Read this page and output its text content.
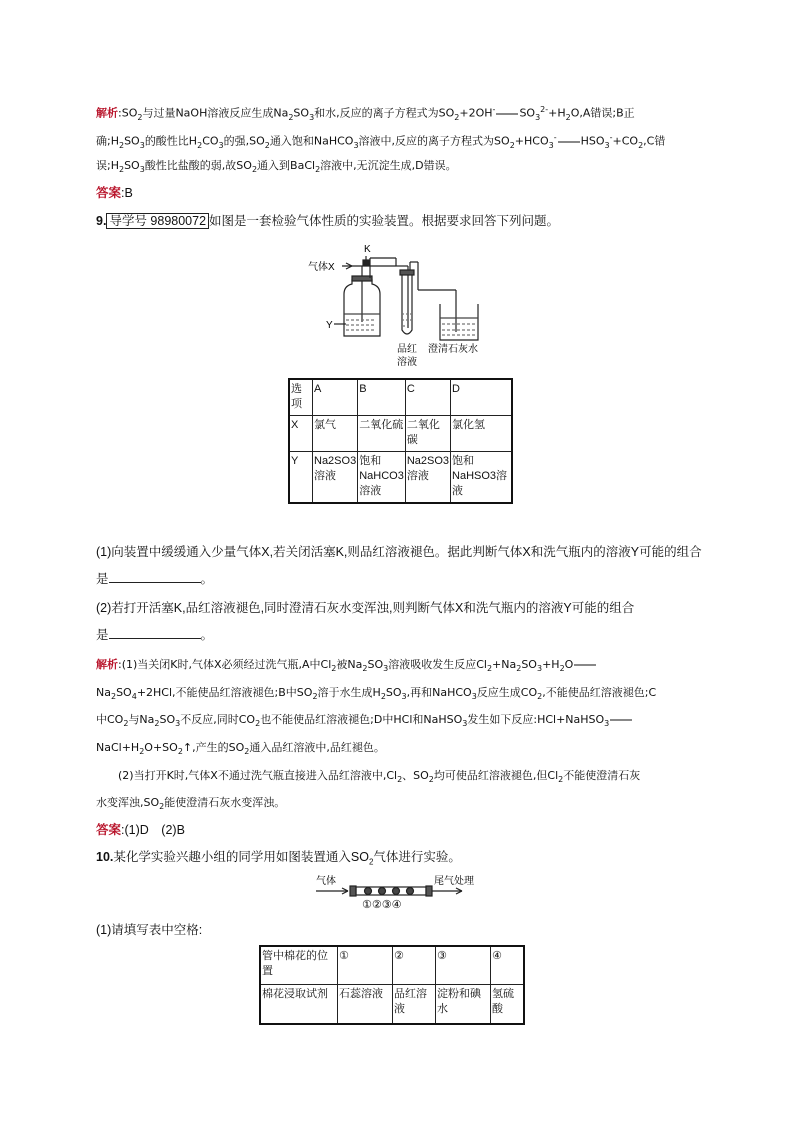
解析$:SO_2$与过量NaOH溶液反应生成$Na_2SO_3$和水,反应的离子方程式为$SO_2+2OH^-$ $SO_3^{2-}+H_2O,A$错误;B正
确$;H_2SO_3$的酸性比$H_2CO_3$的强$,SO_2$通入饱和NaHCO$_3$溶液中,反应的离子方程式为$SO_2+HCO_3^-$ $HSO_3^-+CO_2,C$错
误$;H_2SO_3$酸性比盐酸的弱,故$SO_2$通入到BaCl$_2$溶液中,无沉淀生成,D错误。
答案:B
9. 导学号 98980072 如图是一套检验气体性质的实验装置。根据要求回答下列问题。
K
气体X
Y
品红
溶液
澄清石灰水
选项	A	B	C	D
X	氯气	二氧化硫	二氧化碳	氯化氢
Y	Na2SO3溶液	饱和NaHCO3溶液	Na2SO3溶液	饱和NaHSO3溶液
(1)向装置中缓缓通入少量气体X,若关闭活塞K,则品红溶液褪色。据此判断气体X和洗气瓶内的溶液Y可能的组合
是	。
(2)若打开活塞K,品红溶液褪色,同时澄清石灰水变浑浊,则判断气体X和洗气瓶内的溶液Y可能的组合
是	。
解析:(1)当关闭K时,气体X必须经过洗气瓶,A中$Cl_2$被$Na_2SO_3$溶液吸收发生反应$Cl_2+Na_2SO_3+H_2O$
$Na_2SO_4+2HCl$,不能使品红溶液褪色;B中$SO_2$溶于水生成$H_2SO_3$,再和NaHCO$_3$反应生成$CO_2$,不能使品红溶液褪色;C
中$CO_2$与$Na_2SO_3$不反应,同时$CO_2$也不能使品红溶液褪色;D中HCl和NaHSO$_3$发生如下反应:HCl+NaHSO$_3$
$NaCl+H_2O+SO_2↑$,产生的$SO_2$通入品红溶液中,品红褪色。
(2)当打开K时,气体X不通过洗气瓶直接进入品红溶液中$,Cl_2$、$SO_2$均可使品红溶液褪色,但$Cl_2$不能使澄清石灰
水变浑浊$,SO_2$能使澄清石灰水变浑浊。
答案:(1)D　(2)B
10.某化学实验兴趣小组的同学用如图装置通入$SO_2$气体进行实验。
气体	尾气处理
①②③④
(1)请填写表中空格:
管中棉花的位置	①	②	③	④
棉花浸取试剂	石蕊溶液	品红溶液	淀粉和碘水	氢硫酸
